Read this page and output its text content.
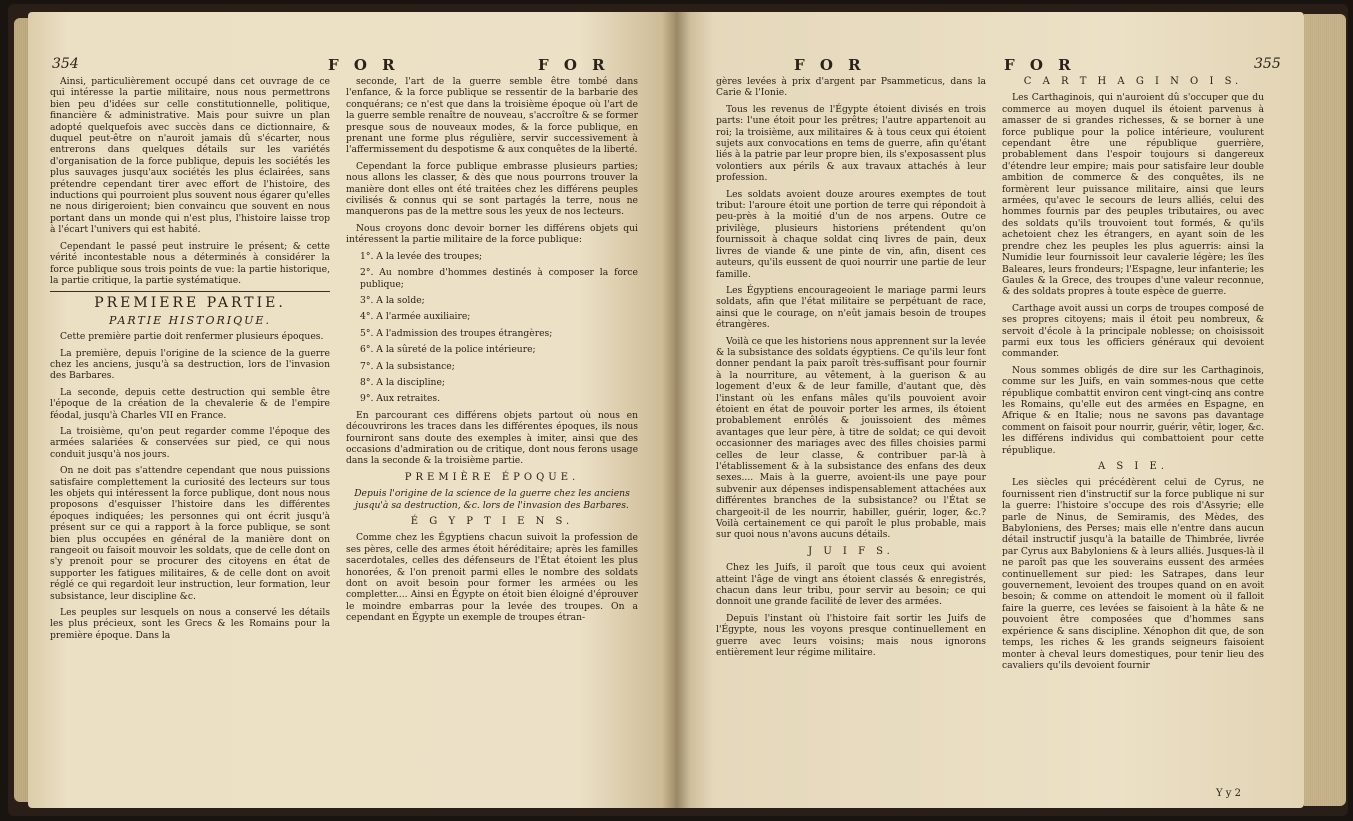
354	F O R	F O R

Ainsi, particulièrement occupé dans cet ouvrage de ce qui intéresse la partie militaire, nous nous permettrons bien peu d'idées sur celle constitutionnelle, politique, financière & administrative. Mais pour suivre un plan adopté quelquefois avec succès dans ce dictionnaire, & duquel peut-être on n'auroit jamais dû s'écarter, nous entrerons dans quelques détails sur les variétés d'organisation de la force publique, depuis les sociétés les plus sauvages jusqu'aux sociétés les plus éclairées, sans prétendre cependant tirer avec effort de l'histoire, des inductions qui pourroient plus souvent nous égarer qu'elles ne nous dirigeroient; bien convaincu que souvent en nous portant dans un monde qui n'est plus, l'histoire laisse trop à l'écart l'univers qui est habité.

Cependant le passé peut instruire le présent; & cette vérité incontestable nous a déterminés à considérer la force publique sous trois points de vue: la partie historique, la partie critique, la partie systématique.

PREMIERE PARTIE.

PARTIE HISTORIQUE.

Cette première partie doit renfermer plusieurs époques.

La première, depuis l'origine de la science de la guerre chez les anciens, jusqu'à sa destruction, lors de l'invasion des Barbares.

La seconde, depuis cette destruction qui semble être l'époque de la création de la chevalerie & de l'empire féodal, jusqu'à Charles VII en France.

La troisième, qu'on peut regarder comme l'époque des armées salariées & conservées sur pied, ce qui nous conduit jusqu'à nos jours.

On ne doit pas s'attendre cependant que nous puissions satisfaire complettement la curiosité des lecteurs sur tous les objets qui intéressent la force publique, dont nous nous proposons d'esquisser l'histoire dans les différentes époques indiquées; les personnes qui ont écrit jusqu'à présent sur ce qui a rapport à la force publique, se sont bien plus occupées en général de la manière dont on rangeoit ou faisoit mouvoir les soldats, que de celle dont on s'y prenoit pour se procurer des citoyens en état de supporter les fatigues militaires, & de celle dont on avoit réglé ce qui regardoit leur instruction, leur formation, leur subsistance, leur discipline &c.

Les peuples sur lesquels on nous a conservé les détails les plus précieux, sont les Grecs & les Romains pour la première époque. Dans la

seconde, l'art de la guerre semble être tombé dans l'enfance, & la force publique se ressentir de la barbarie des conquérans; ce n'est que dans la troisième époque où l'art de la guerre semble renaître de nouveau, s'accroître & se former presque sous de nouveaux modes, & la force publique, en prenant une forme plus régulière, servir successivement à l'affermissement du despotisme & aux conquêtes de la liberté.

Cependant la force publique embrasse plusieurs parties; nous allons les classer, & dès que nous pourrons trouver la manière dont elles ont été traitées chez les différens peuples civilisés & connus qui se sont partagés la terre, nous ne manquerons pas de la mettre sous les yeux de nos lecteurs.

Nous croyons donc devoir borner les différens objets qui intéressent la partie militaire de la force publique:

1°. A la levée des troupes;

2°. Au nombre d'hommes destinés à composer la force publique;

3°. A la solde;

4°. A l'armée auxiliaire;

5°. A l'admission des troupes étrangères;

6°. A la sûreté de la police intérieure;

7°. A la subsistance;

8°. A la discipline;

9°. Aux retraites.

En parcourant ces différens objets partout où nous en découvrirons les traces dans les différentes époques, ils nous fourniront sans doute des exemples à imiter, ainsi que des occasions d'admiration ou de critique, dont nous ferons usage dans la seconde & la troisième partie.

PREMIÈRE ÉPOQUE.

Depuis l'origine de la science de la guerre chez les anciens jusqu'à sa destruction, &c. lors de l'invasion des Barbares.

É G Y P T I E N S.

Comme chez les Égyptiens chacun suivoit la profession de ses pères, celle des armes étoit héréditaire; après les familles sacerdotales, celles des défenseurs de l'État étoient les plus honorées, & l'on prenoit parmi elles le nombre des soldats dont on avoit besoin pour former les armées ou les completter.... Ainsi en Égypte on étoit bien éloigné d'éprouver le moindre embarras pour la levée des troupes. On a cependant en Égypte un exemple de troupes étran-

F O R	F O R	355

gères levées à prix d'argent par Psammeticus, dans la Carie & l'Ionie.

Tous les revenus de l'Égypte étoient divisés en trois parts: l'une étoit pour les prêtres; l'autre appartenoit au roi; la troisième, aux militaires & à tous ceux qui étoient sujets aux convocations en tems de guerre, afin qu'étant liés à la patrie par leur propre bien, ils s'exposassent plus volontiers aux périls & aux travaux attachés à leur profession.

Les soldats avoient douze aroures exemptes de tout tribut: l'aroure étoit une portion de terre qui répondoit à peu-près à la moitié d'un de nos arpens. Outre ce privilège, plusieurs historiens prétendent qu'on fournissoit à chaque soldat cinq livres de pain, deux livres de viande & une pinte de vin, afin, disent ces auteurs, qu'ils eussent de quoi nourrir une partie de leur famille.

Les Égyptiens encourageoient le mariage parmi leurs soldats, afin que l'état militaire se perpétuant de race, ainsi que le courage, on n'eût jamais besoin de troupes étrangères.

Voilà ce que les historiens nous apprennent sur la levée & la subsistance des soldats égyptiens. Ce qu'ils leur font donner pendant la paix paroît très-suffisant pour fournir à la nourriture, au vêtement, à la guerison & au logement d'eux & de leur famille, d'autant que, dès l'instant où les enfans mâles qu'ils pouvoient avoir étoient en état de pouvoir porter les armes, ils étoient probablement enrôlés & jouissoient des mêmes avantages que leur père, à titre de soldat; ce qui devoit occasionner des mariages avec des filles choisies parmi celles de leur classe, & contribuer par-là à l'établissement & à la subsistance des enfans des deux sexes.... Mais à la guerre, avoient-ils une paye pour subvenir aux dépenses indispensablement attachées aux différentes branches de la subsistance? ou l'État se chargeoit-il de les nourrir, habiller, guérir, loger, &c.? Voilà certainement ce qui paroît le plus probable, mais sur quoi nous n'avons aucuns détails.

J U I F S.

Chez les Juifs, il paroît que tous ceux qui avoient atteint l'âge de vingt ans étoient classés & enregistrés, chacun dans leur tribu, pour servir au besoin; ce qui donnoit une grande facilité de lever des armées.

Depuis l'instant où l'histoire fait sortir les Juifs de l'Égypte, nous les voyons presque continuellement en guerre avec leurs voisins; mais nous ignorons entièrement leur régime militaire.

C A R T H A G I N O I S.

Les Carthaginois, qui n'auroient dû s'occuper que du commerce au moyen duquel ils étoient parvenus à amasser de si grandes richesses, & se borner à une force publique pour la police intérieure, voulurent cependant être une république guerrière, probablement dans l'espoir toujours si dangereux d'étendre leur empire; mais pour satisfaire leur double ambition de commerce & des conquêtes, ils ne formèrent leur puissance militaire, ainsi que leurs armées, qu'avec le secours de leurs alliés, celui des hommes fournis par des peuples tributaires, ou avec des soldats qu'ils trouvoient tout formés, & qu'ils achetoient chez les étrangers, en ayant soin de les prendre chez les peuples les plus aguerris: ainsi la Numidie leur fournissoit leur cavalerie légère; les îles Baleares, leurs frondeurs; l'Espagne, leur infanterie; les Gaules & la Grece, des troupes d'une valeur reconnue, & des soldats propres à toute espèce de guerre.

Carthage avoit aussi un corps de troupes composé de ses propres citoyens; mais il étoit peu nombreux, & servoit d'école à la principale noblesse; on choisissoit parmi eux tous les officiers généraux qui devoient commander.

Nous sommes obligés de dire sur les Carthaginois, comme sur les Juifs, en vain sommes-nous que cette république combattit environ cent vingt-cinq ans contre les Romains, qu'elle eut des armées en Espagne, en Afrique & en Italie; nous ne savons pas davantage comment on faisoit pour nourrir, guérir, vêtir, loger, &c. les différens individus qui combattoient pour cette république.

A S I E.

Les siècles qui précédèrent celui de Cyrus, ne fournissent rien d'instructif sur la force publique ni sur la guerre: l'histoire s'occupe des rois d'Assyrie; elle parle de Ninus, de Semiramis, des Mèdes, des Babyloniens, des Perses; mais elle n'entre dans aucun détail instructif jusqu'à la bataille de Thimbrée, livrée par Cyrus aux Babyloniens & à leurs alliés. Jusques-là il ne paroît pas que les souverains eussent des armées continuellement sur pied: les Satrapes, dans leur gouvernement, levoient des troupes quand on en avoit besoin; & comme on attendoit le moment où il falloit faire la guerre, ces levées se faisoient à la hâte & ne pouvoient être composées que d'hommes sans expérience & sans discipline. Xénophon dit que, de son temps, les riches & les grands seigneurs faisoient monter à cheval leurs domestiques, pour tenir lieu des cavaliers qu'ils devoient fournir

Y y 2
